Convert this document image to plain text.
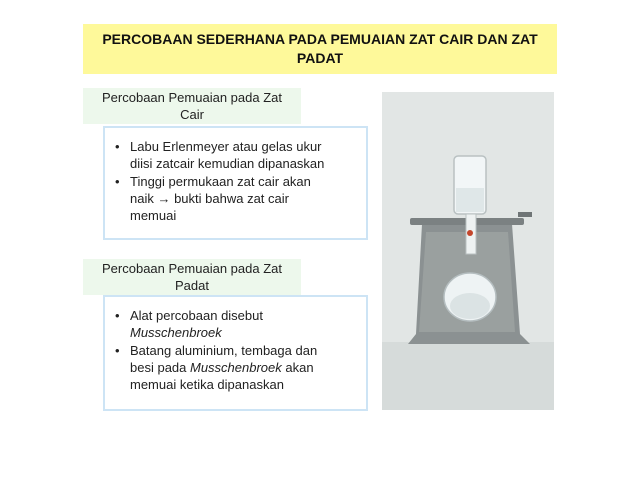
PERCOBAAN SEDERHANA PADA PEMUAIAN ZAT CAIR DAN ZAT
PADAT
Percobaan Pemuaian pada Zat
Cair
• Labu Erlenmeyer atau gelas ukur
diisi zatcair kemudian dipanaskan
• Tinggi permukaan zat cair akan
naik → bukti bahwa zat cair
memuai
Percobaan Pemuaian pada Zat
Padat
• Alat percobaan disebut
Musschenbroek
• Batang aluminium, tembaga dan
besi pada Musschenbroek akan
memuai ketika dipanaskan
